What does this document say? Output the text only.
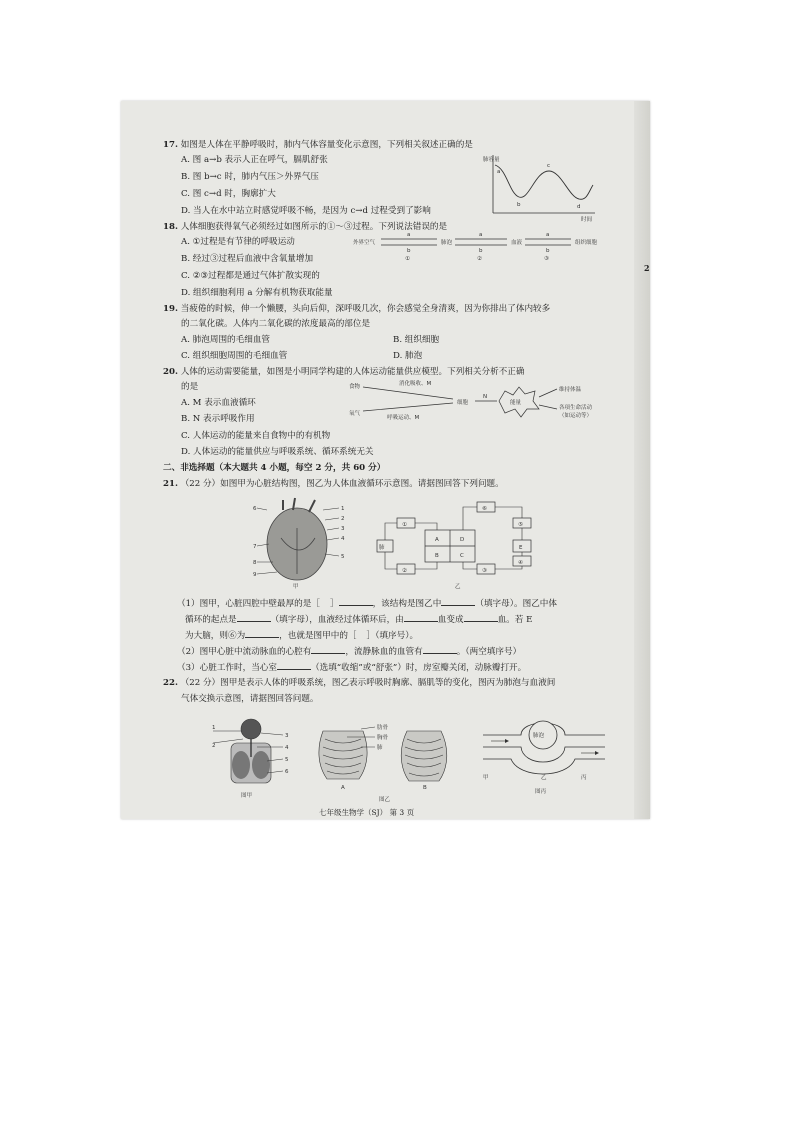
17. 如图是人体在平静呼吸时，肺内气体容量变化示意图，下列相关叙述正确的是
A. 图 a→b 表示人正在呼气，膈肌舒张
B. 图 b→c 时，肺内气压＞外界气压
C. 图 c→d 时，胸廓扩大
D. 当人在水中站立时感觉呼吸不畅，是因为 c→d 过程受到了影响
肺容量
时间
a
b
c
d
18. 人体细胞获得氧气必须经过如图所示的①～③过程。下列说法错误的是
A. ①过程是有节律的呼吸运动
B. 经过③过程后血液中含氧量增加
C. ②③过程都是通过气体扩散实现的
D. 组织细胞利用 a 分解有机物获取能量
外界空气	肺泡	血液	组织细胞
a	a	a
b	b	b
①	②	③
19. 当疲倦的时候，伸一个懒腰，头向后仰，深呼吸几次，你会感觉全身清爽，因为你排出了体内较多
的二氧化碳。人体内二氧化碳的浓度最高的部位是
A. 肺泡周围的毛细血管	B. 组织细胞
C. 组织细胞周围的毛细血管	D. 肺泡
20. 人体的运动需要能量，如图是小明同学构建的人体运动能量供应模型。下列相关分析不正确
的是
A. M 表示血液循环
B. N 表示呼吸作用
C. 人体运动的能量来自食物中的有机物
D. 人体运动的能量供应与呼吸系统、循环系统无关
食物	消化吸收、M
氧气
呼吸运动、M
细胞
N
能量
维持体温
各项生命活动
（如运动等）
二、非选择题（本大题共 4 小题，每空 2 分，共 60 分）
21. （22 分）如图甲为心脏结构图，图乙为人体血液循环示意图。请据图回答下列问题。
1
2
3
4
5
6
7
8
9
甲
①
②	③
④
⑤
⑥
肺
A
B	C
D
E
乙
（1）图甲，心脏四腔中壁最厚的是［ ］	，该结构是图乙中	（填字母）。图乙中体
循环的起点是	（填字母），血液经过体循环后，由	血变成	血。若 E
为大脑，则⑥为	，也就是图甲中的［ ］（填序号）。
（2）图甲心脏中流动脉血的心腔有	，流静脉血的血管有	。（两空填序号）
（3）心脏工作时，当心室	（选填“收缩”或“舒张”）时，房室瓣关闭，动脉瓣打开。
22. （22 分）图甲是表示人体的呼吸系统，图乙表示呼吸时胸廓、膈肌等的变化，图丙为肺泡与血液间
气体交换示意图，请据图回答问题。
1
2
3
4
5
6
图甲
肋骨
胸骨
肺
A	B
图乙
肺泡
甲	乙	丙
图丙
七年级生物学（SJ） 第 3 页
2
